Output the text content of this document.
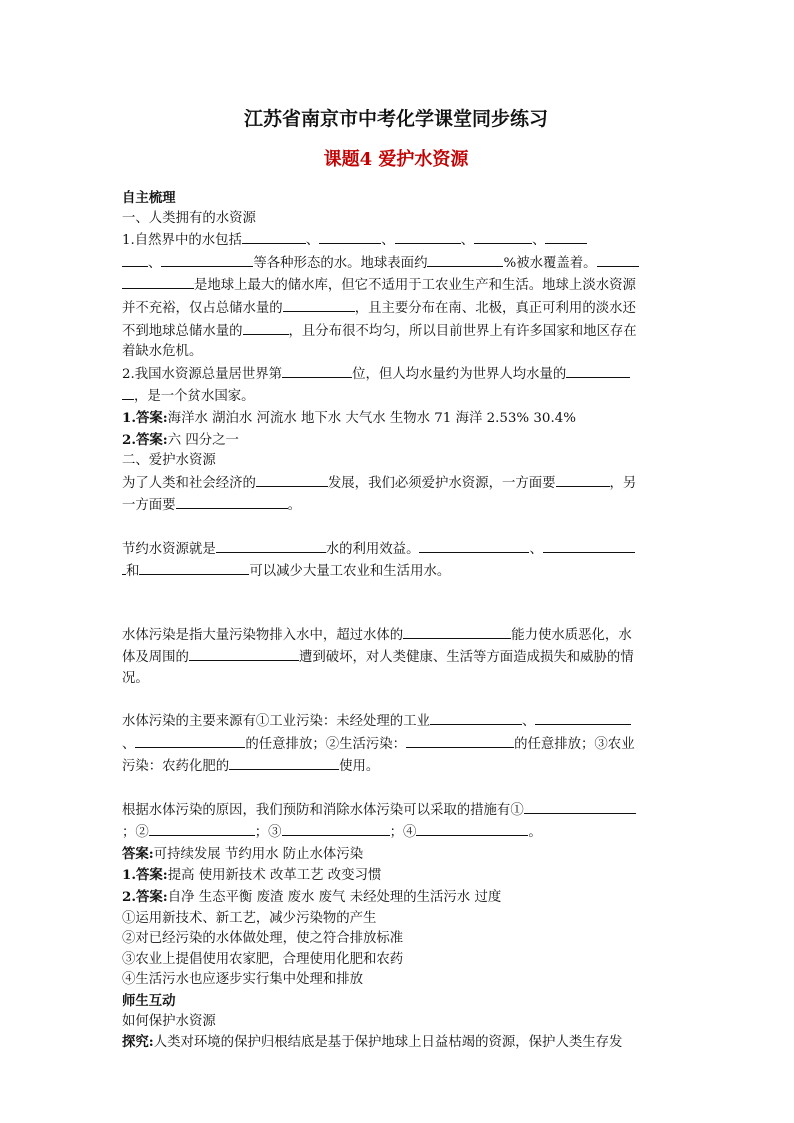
江苏省南京市中考化学课堂同步练习
课题4 爱护水资源
自主梳理
一、人类拥有的水资源
1.自然界中的水包括	、	、	、	、
、	等各种形态的水。地球表面约	%被水覆盖着。
是地球上最大的储水库，但它不适用于工农业生产和生活。地球上淡水资源
并不充裕，仅占总储水量的	，且主要分布在南、北极，真正可利用的淡水还
不到地球总储水量的	，且分布很不均匀，所以目前世界上有许多国家和地区存在
着缺水危机。
2.我国水资源总量居世界第	位，但人均水量约为世界人均水量的
，是一个贫水国家。
1.答案:海洋水 湖泊水 河流水 地下水 大气水 生物水 71 海洋 2.53% 30.4%
2.答案:六 四分之一
二、爱护水资源
为了人类和社会经济的	发展，我们必须爱护水资源，一方面要	，另
一方面要	。
节约水资源就是	水的利用效益。	、
和	可以减少大量工农业和生活用水。
水体污染是指大量污染物排入水中，超过水体的	能力使水质恶化，水
体及周围的	遭到破坏，对人类健康、生活等方面造成损失和威胁的情
况。
水体污染的主要来源有①工业污染：未经处理的工业	、
、	的任意排放；②生活污染：	的任意排放；③农业
污染：农药化肥的	使用。
根据水体污染的原因，我们预防和消除水体污染可以采取的措施有①
；②	；③	；④	。
答案:可持续发展 节约用水 防止水体污染
1.答案:提高 使用新技术 改革工艺 改变习惯
2.答案:自净 生态平衡 废渣 废水 废气 未经处理的生活污水 过度
①运用新技术、新工艺，减少污染物的产生
②对已经污染的水体做处理，使之符合排放标准
③农业上提倡使用农家肥，合理使用化肥和农药
④生活污水也应逐步实行集中处理和排放
师生互动
如何保护水资源
探究:人类对环境的保护归根结底是基于保护地球上日益枯竭的资源，保护人类生存发
